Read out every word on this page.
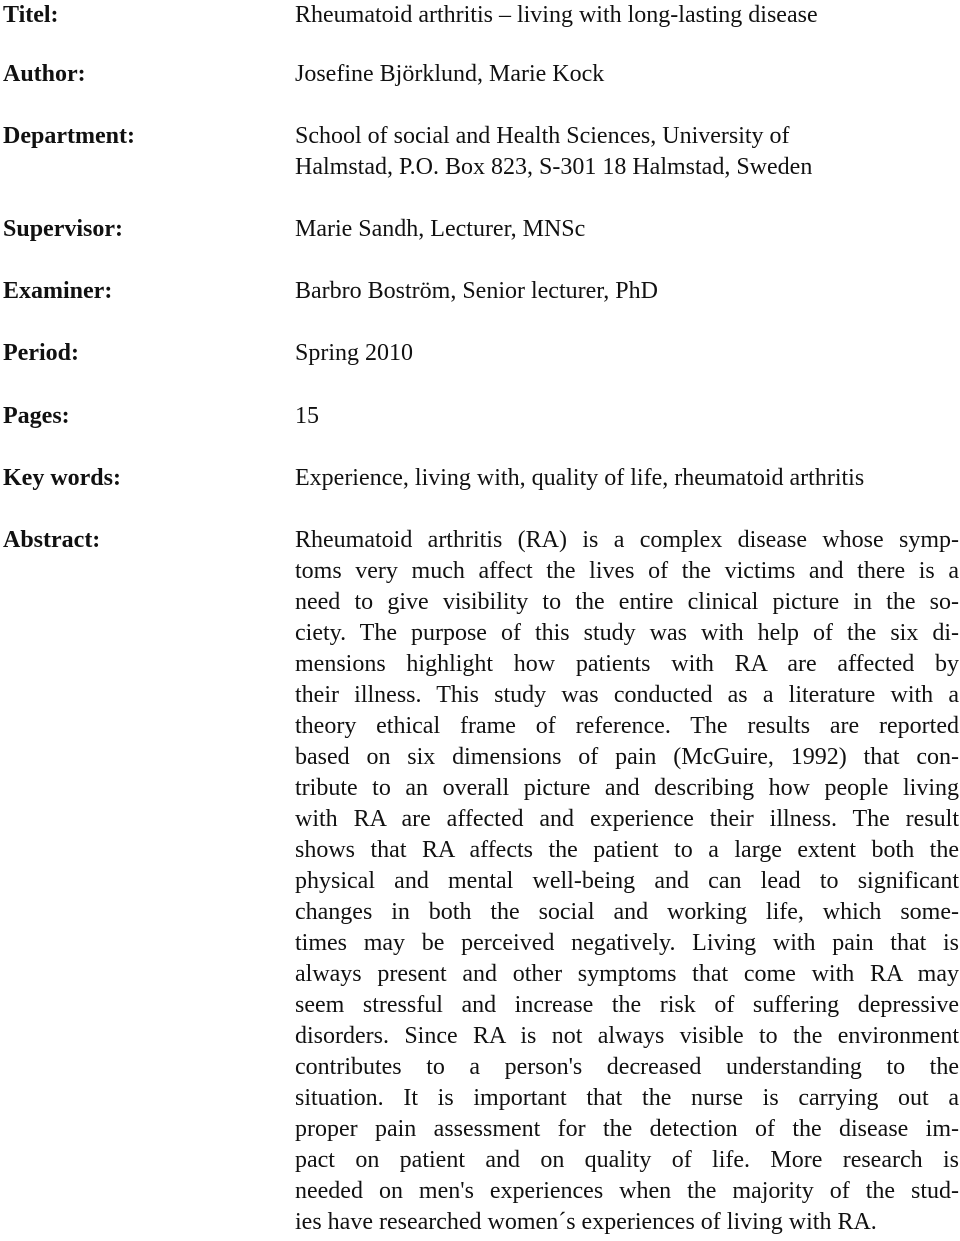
Titel:	Rheumatoid arthritis – living with long-lasting disease
Author:	Josefine Björklund, Marie Kock
Department:	School of social and Health Sciences, University of
Halmstad, P.O. Box 823, S-301 18 Halmstad, Sweden
Supervisor:	Marie Sandh, Lecturer, MNSc
Examiner:	Barbro Boström, Senior lecturer, PhD
Period:	Spring 2010
Pages:	15
Key words:	Experience, living with, quality of life, rheumatoid arthritis
Abstract:	Rheumatoid arthritis (RA) is a complex disease whose symp-
toms very much affect the lives of the victims and there is a
need to give visibility to the entire clinical picture in the so-
ciety. The purpose of this study was with help of the six di-
mensions highlight how patients with RA are affected by
their illness. This study was conducted as a literature with a
theory ethical frame of reference. The results are reported
based on six dimensions of pain (McGuire, 1992) that con-
tribute to an overall picture and describing how people living
with RA are affected and experience their illness. The result
shows that RA affects the patient to a large extent both the
physical and mental well-being and can lead to significant
changes in both the social and working life, which some-
times may be perceived negatively. Living with pain that is
always present and other symptoms that come with RA may
seem stressful and increase the risk of suffering depressive
disorders. Since RA is not always visible to the environment
contributes to a person's decreased understanding to the
situation. It is important that the nurse is carrying out a
proper pain assessment for the detection of the disease im-
pact on patient and on quality of life. More research is
needed on men's experiences when the majority of the stud-
ies have researched women´s experiences of living with RA.
